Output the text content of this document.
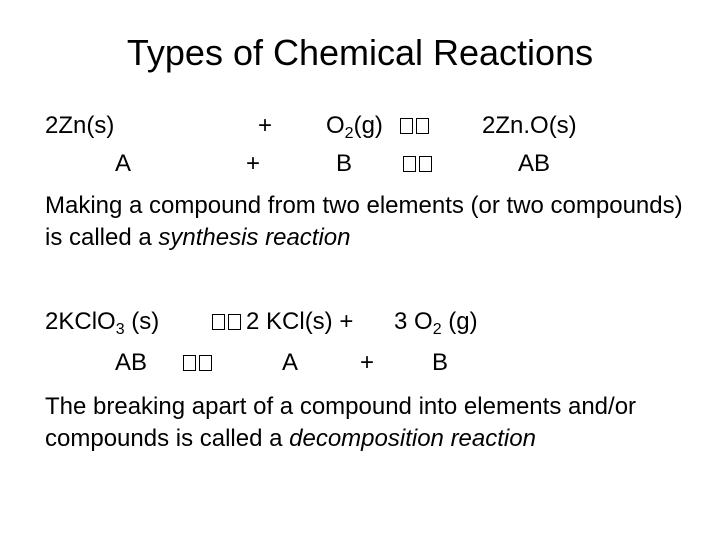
Types of Chemical Reactions
2Zn(s)	+ $O_2(g)$	2Zn.O(s)
A	+	B	AB
Making a compound from two elements (or two compounds) is called a synthesis reaction
2KClO$_3$ (s)	2 KCl(s) + 3 $O_2$ (g)
AB	A	+ B
The breaking apart of a compound into elements and/or compounds is called a decomposition reaction
